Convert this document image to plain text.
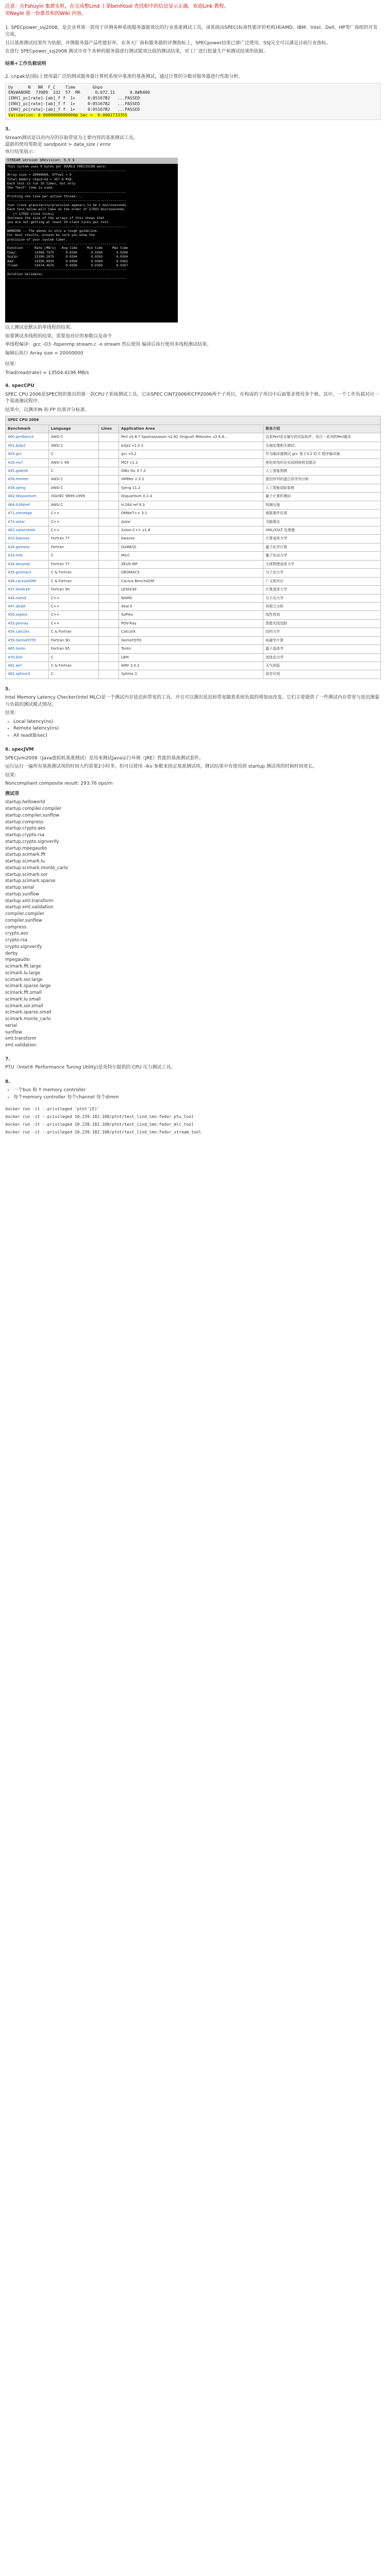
注意：在Fshuyin 集群实机，在完成整Lind 上第benhtool 查找相中的信息显示正确，欢迎Link 教程。
用Nayle 基一份推荐和的Wiki 内容。

1. SPECpower_ssj2008，是企业界第一款用于评测各种系统服务器能效比的行业基准测试工具，该系统由SPEC(标准性能评价机构)和AMD、IBM、Intel、Dell、HP等厂商组织开发完成，

且以基准测试结果作为依据，评测服务器产品性能好坏。在各大厂商和服务器的评测指标上，SPECpower结果已被广泛使用，SSJ完全可以满足目前行业指标。

在进行 SPECpower_ssj2008 测试中对个各种的服务器进行测试能效比值的测试结果，对工厂进行批量生产和测试结果的依据。

结果+工作负载说明

2. cnpak是国际上使用最广泛的测试服务器计算机系统中基准的基准测试，通过计算的分数对服务器进行性能分析。

Uy      N   NR  F_C    Time       Ghpo
ENV#ABORE  73989  332  57  MR      0:072.11      0.8#8400
[ENV]_pc[rate]-[ab]_f f  1+     0:05167B2   ...PASSED
[ENV]_pc[rate]-[ab]_T f  1+     0:05167B2   ...PASSED
[ENV]_pc[rate]-[ab]_T f  1+     0:05167B2   ...PASSED
Validation: 0.0000000000000@ Sec =  0.0001733355

3.

Stream测试是以对内存的存取带宽为主要内容的基准测试工具。
最新的使用帮助是 sandpoint > data_size / error
执行结果展示：

STREAM version $Revision: 5.9 $
This system uses 8 bytes per DOUBLE PRECISION word.
-------------------------------------------------------------
Array size = 20000000, Offset = 0
Total memory required = 457.8 MiB.
Each test is run 10 times, but only
the *best* time is used.
-------------------------------------------------------------
Printing one line per active thread....
-------------------------------------------------------------
Your clock granularity/precision appears to be 1 microseconds.
Each test below will take on the order of 17502 microseconds.
(= 17502 clock ticks)
Increase the size of the arrays if this shows that
you are not getting at least 20 clock ticks per test.
-------------------------------------------------------------
WARNING -- The above is only a rough guideline.
For best results, please be sure you know the
precision of your system timer.
-------------------------------------------------------------
Function      Rate (MB/s)   Avg time     Min time     Max time
Copy:         12089.7375      0.0265       0.0265       0.0266
Scale:        12180.2675      0.0264       0.0263       0.0264
Add:          13339.9919      0.0360       0.0360       0.0361
Triad:        13474.4576      0.0356       0.0356       0.0357
-------------------------------------------------------------
Solution Validates
-------------------------------------------------------------

以上测试是默认的单线程的结果。

如要测试多线程的结果，需要加对应的参数以及命令

单线程编译：gcc -O3 -fopenmp stream.c -o stream 然后使用 编译后执行使用多线程测试结果。

编辑后执行 Array size = 20000000

结果：

Triad(read/rate) = 13504.4196 MB/s

4. specCPU

SPEC CPU 2006是SPEC组织推出的第一款CPU子系统测试工具。它由SPEC CINT2006和CFP2006两个子项目，在构成的子项目中后面要求使用多个核。其中，一个工作负载对应一个基准测试程序。

结果中，以测评IN 和 FP 结果评分标准。

SPEC CPU 2006				
Benchmark	Language	Lines	Application Area	简单介绍
400.perlbench	ANSI C		Perl v5.8.7 Spamassassin v2.61 (lingual) MHonArc v2.6.8...	这是Perl语言编写的实际软件，执行一系列的Perl脚本
401.bzip2	ANSI C		bzip2 v1.0.3	压缩处理相关测试；
403.gcc	C		gcc v3.2	作为编译器测试 gcc 基于3.2 的 C 程序编译器
429.mcf	ANSI C 99		MCF v1.2	使用单纯形法实现网络规划算法
445.gobmk	C		GNU Go 3.7.2	人工智能围棋
456.hmmer	ANSI C		HMMer 2.3.2	基因序列的蛋白质序列分析
458.sjeng	ANSI C		Sjeng 11.2	人工智能国际象棋
462.libquantum	ISO/IEC 9899:1999		libquantum 0.2.4	量子计算机模拟
464.h264ref	ANSI C		H.264 ref 9.3	视频压缩
471.omnetpp	C++		OMNeT++ 3.1	离散事件仿真
473.astar	C++		Astar	寻路算法
483.xalancbmk	C++		Xalan-C++ v1.8	XML/XSLT 处理器
410.bwaves	Fortran 77		bwaves	计算流体力学
416.gamess	Fortran		GAMESS	量子化学计算
433.milc	C		MILC	量子色动力学
434.zeusmp	Fortran 77		ZEUS-MP	天体物理流体力学
435.gromacs	C & Fortran		GROMACS	分子动力学
436.cactusADM	C & Fortran		Cactus BenchADM	广义相对论
437.leslie3d	Fortran 90		LESlie3d	计算流体力学
444.namd	C++		NAMD	分子动力学
447.dealII	C++		deal.II	有限元分析
450.soplex	C++		SoPlex	线性规划
453.povray	C++		POV-Ray	图像光线追踪
454.calculix	C & Fortran		CalculiX	结构力学
459.GemsFDTD	Fortran 90		GemsFDTD	电磁学计算
465.tonto	Fortran 95		Tonto	量子晶体学
470.lbm	C		LBM	流体动力学
481.wrf	C & Fortran		WRF 2.0.2	天气预报
482.sphinx3	C		Sphinx 3	语音识别

5.

Intel Memory Latency Checker(Intel MLC)是一个测试内存延迟和带宽的工具，并且可以测出延迟和带宽随着系统负载的增加而改变。它们主要提供了一些测试内存带宽与延迟测量与负载的测试模式情况。

结果：

• Local latency(ns)
• Remote latency(ns)
• All read(B/sec)

6. specJVM

SPECjvm2008（Java虚拟机基准测试）是用来测试Java运行环境（JRE）性能的基准测试套件。

运行运行一遍所有基准测试项的时间大约需要2小时多，但可以使用 -ikv 参数来指定基准测试项，测试结果中有使用到 startup 测试项的时候时间更长。

结果：

Noncompliant composite result: 293.76 ops/m

测试项

startup.helloworld
startup.compiler.compiler
startup.compiler.sunflow
startup.compress
startup.crypto.aes
startup.crypto.rsa
startup.crypto.signverify
startup.mpegaudio
startup.scimark.fft
startup.scimark.lu
startup.scimark.monte_carlo
startup.scimark.sor
startup.scimark.sparse
startup.serial
startup.sunflow
startup.xml.transform
startup.xml.validation
compiler.compiler
compiler.sunflow
compress
crypto.aes
crypto.rsa
crypto.signverify
derby
mpegaudio
scimark.fft.large
scimark.lu.large
scimark.sor.large
scimark.sparse.large
scimark.fft.small
scimark.lu.small
scimark.sor.small
scimark.sparse.small
scimark.monte_carlo
serial
sunflow
xml.transform
xml.validation

7.

PTU（Intel® Performance Tuning Utility)是英特尔提供的 CPU 压力测试工具。

8.

• 一个bus 和 Y memory controller
• 每个memory controller 每个channel 每个dimm

docker run -it --privileged 'ptnt'[E]'

docker run -it --privileged 10.239.182.108/ptnt/test_lind_lmn:fedor_ptu_tool

docker run -it --privileged 10.239.182.108/ptnt/test_lind_lmn:fedor_mlc_tool

docker run -it --privileged 10.239.182.108/ptnt/test_lind_lmn:fedor_stream_tool
